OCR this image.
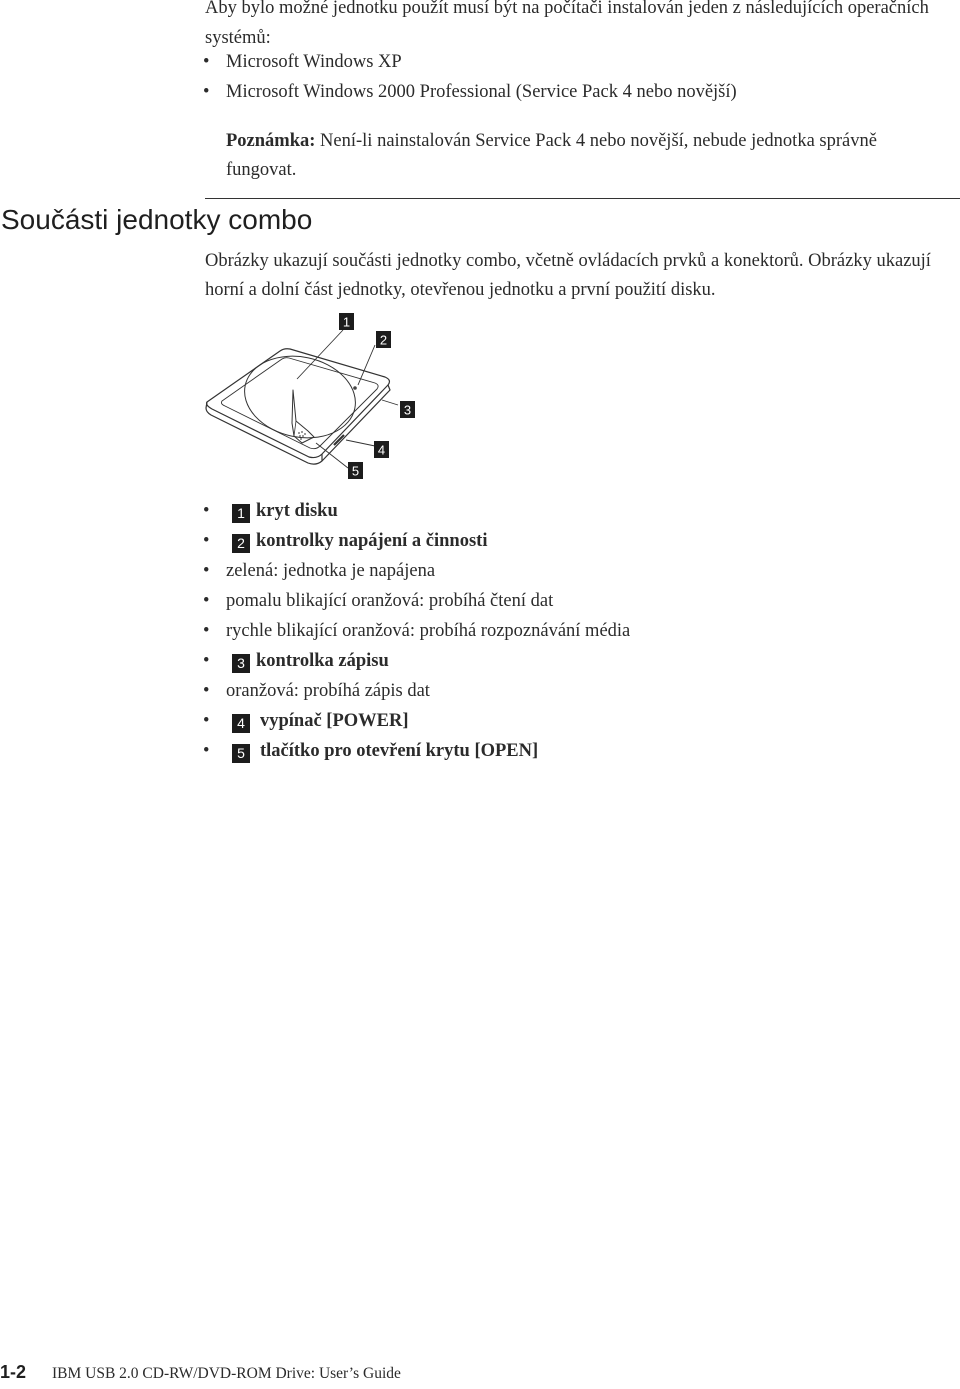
Aby bylo možné jednotku použít musí být na počítači instalován jeden z následujících operačních systémů:
• Microsoft Windows XP
• Microsoft Windows 2000 Professional (Service Pack 4 nebo novější)
Poznámka: Není-li nainstalován Service Pack 4 nebo novější, nebude jednotka správně fungovat.
Součásti jednotky combo
Obrázky ukazují součásti jednotky combo, včetně ovládacích prvků a konektorů. Obrázky ukazují horní a dolní část jednotky, otevřenou jednotku a první použití disku.
1
2
3
4
5
•	1 kryt disku
•	2 kontrolky napájení a činnosti
• zelená: jednotka je napájena
• pomalu blikající oranžová: probíhá čtení dat
• rychle blikající oranžová: probíhá rozpoznávání média
•	3 kontrolka zápisu
• oranžová: probíhá zápis dat
•	4 vypínač [POWER]
•	5 tlačítko pro otevření krytu [OPEN]
1-2 IBM USB 2.0 CD-RW/DVD-ROM Drive: User’s Guide
